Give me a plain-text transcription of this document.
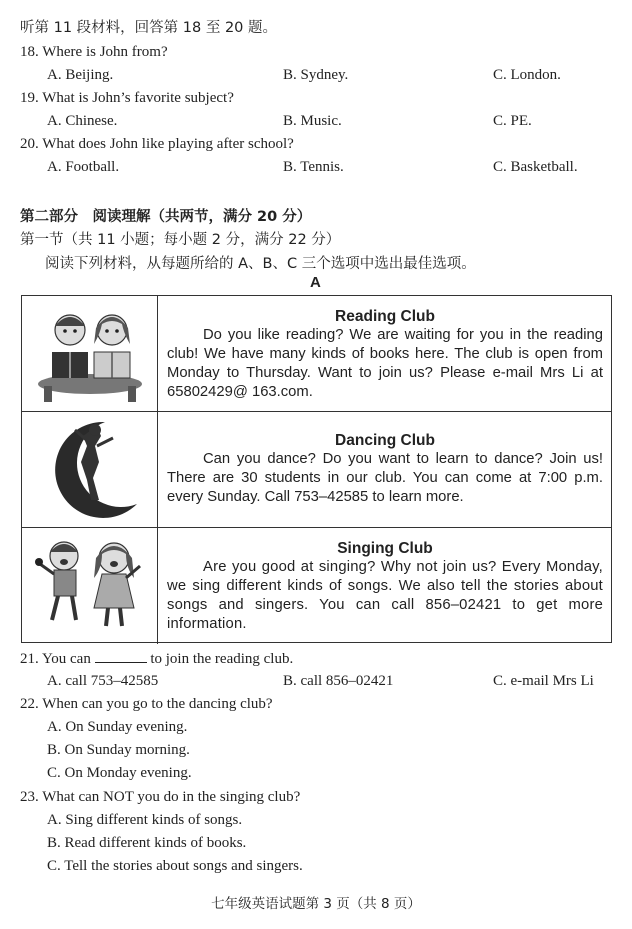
听第 11 段材料，回答第 18 至 20 题。
18. Where is John from?
A. Beijing.	B. Sydney.	C. London.
19. What is John’s favorite subject?
A. Chinese.	B. Music.	C. PE.
20. What does John like playing after school?
A. Football.	B. Tennis.	C. Basketball.
第二部分　阅读理解（共两节，满分 20 分）
第一节（共 11 小题；每小题 2 分，满分 22 分）
阅读下列材料，从每题所给的 A、B、C 三个选项中选出最佳选项。
A
Reading Club
Do you like reading? We are waiting for you in the reading club! We have many kinds of books here. The club is open from Monday to Thursday. Want to join us? Please e-mail Mrs Li at 65802429@ 163.com.
Dancing Club
Can you dance? Do you want to learn to dance? Join us! There are 30 students in our club. You can come at 7:00 p.m. every Sunday. Call 753–42585 to learn more.
Singing Club
Are you good at singing? Why not join us? Every Monday, we sing different kinds of songs. We also tell the stories about songs and singers. You can call 856–02421 to get more information.
21. You can	to join the reading club.
A. call 753–42585	B. call 856–02421	C. e-mail Mrs Li
22. When can you go to the dancing club?
A. On Sunday evening.
B. On Sunday morning.
C. On Monday evening.
23. What can NOT you do in the singing club?
A. Sing different kinds of songs.
B. Read different kinds of books.
C. Tell the stories about songs and singers.
七年级英语试题第 3 页（共 8 页）
